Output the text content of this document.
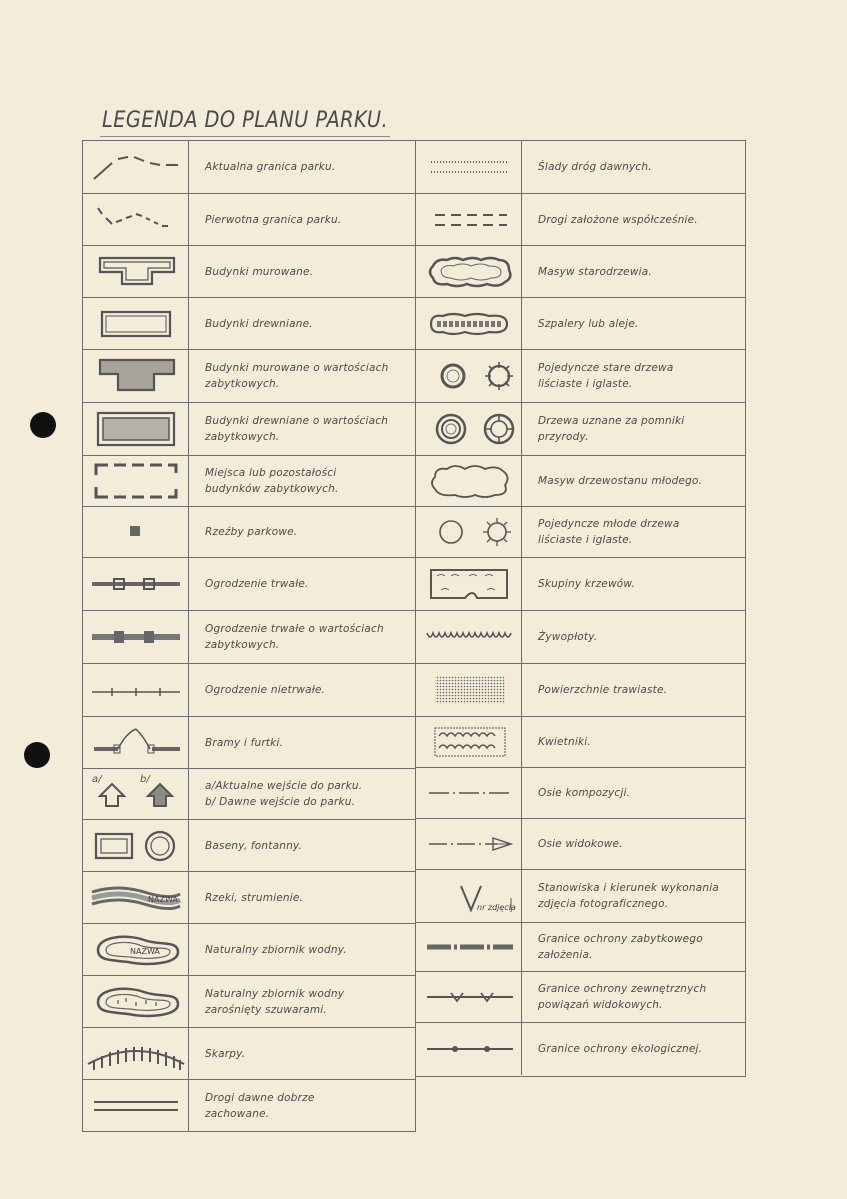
LEGENDA DO PLANU PARKU.
Aktualna granica parku.
Pierwotna granica parku.
Budynki murowane.
Budynki drewniane.
Budynki murowane o wartościach
zabytkowych.
Budynki drewniane o wartościach
zabytkowych.
Miejsca lub pozostałości
budynków zabytkowych.
Rzeźby parkowe.
Ogrodzenie trwałe.
Ogrodzenie trwałe o wartościach
zabytkowych.
Ogrodzenie nietrwałe.
Bramy i furtki.
a/	b/
a/Aktualne wejście do parku.
b/ Dawne wejście do parku.
Baseny, fontanny.
NAZWA	Rzeki, strumienie.
NAZWA	Naturalny zbiornik wodny.
Naturalny zbiornik wodny
zarośnięty szuwarami.
Skarpy.
Drogi dawne dobrze
zachowane.
Ślady dróg dawnych.
Drogi założone współcześnie.
Masyw starodrzewia.
Szpalery lub aleje.
Pojedyncze stare drzewa
liściaste i iglaste.
Drzewa uznane za pomniki
przyrody.
Masyw drzewostanu młodego.
Pojedyncze młode drzewa
liściaste i iglaste.
Skupiny krzewów.
Żywopłoty.
Powierzchnie trawiaste.
Kwietniki.
Osie kompozycji.
Osie widokowe.
nr zdjęcia
Stanowiska i kierunek wykonania
zdjęcia fotograficznego.
Granice ochrony zabytkowego
założenia.
Granice ochrony zewnętrznych
powiązań widokowych.
Granice ochrony ekologicznej.
